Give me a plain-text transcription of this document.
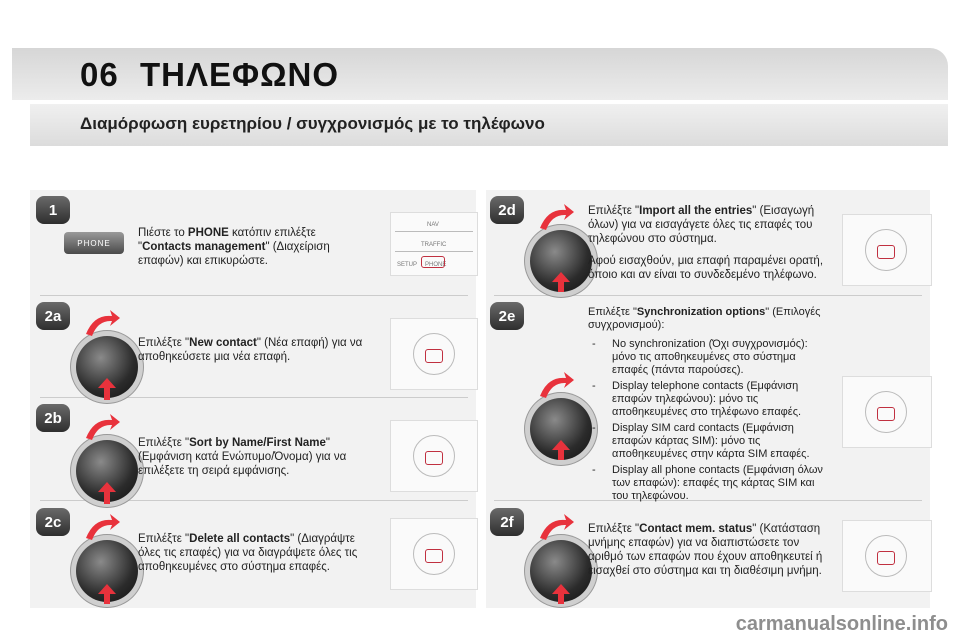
06 ΤΗΛΕΦΩΝΟ
Διαμόρφωση ευρετηρίου / συγχρονισμός με το τηλέφωνο
1
PHONE
Πιέστε το PHONE κατόπιν επιλέξτε "Contacts management" (Διαχείριση επαφών) και επικυρώστε.
NAV
TRAFFIC
SETUP PHONE
2a
Επιλέξτε "New contact" (Νέα επαφή) για να αποθηκεύσετε μια νέα επαφή.
2b
Επιλέξτε "Sort by Name/First Name" (Εμφάνιση κατά Ενώπυμο/Όνομα) για να επιλέξετε τη σειρά εμφάνισης.
2c
Επιλέξτε "Delete all contacts" (Διαγράψτε όλες τις επαφές) για να διαγράψετε όλες τις αποθηκευμένες στο σύστημα επαφές.
2d	Επιλέξτε "Import all the entries" (Εισαγωγή όλων) για να εισαγάγετε όλες τις επαφές του τηλεφώνου στο σύστημα.
Αφού εισαχθούν, μια επαφή παραμένει ορατή, όποιο και αν είναι το συνδεδεμένο τηλέφωνο.
2e	Επιλέξτε "Synchronization options" (Επιλογές συγχρονισμού):
- No synchronization (Όχι συγχρονισμός): μόνο τις αποθηκευμένες στο σύστημα επαφές (πάντα παρούσες).
- Display telephone contacts (Εμφάνιση επαφών τηλεφώνου): μόνο τις αποθηκευμένες στο τηλέφωνο επαφές.
- Display SIM card contacts (Εμφάνιση επαφών κάρτας SIM): μόνο τις αποθηκευμένες στην κάρτα SIM επαφές.
- Display all phone contacts (Εμφάνιση όλων των επαφών): επαφές της κάρτας SIM και του τηλεφώνου.
2f	Επιλέξτε "Contact mem. status" (Κατάσταση μνήμης επαφών) για να διαπιστώσετε τον αριθμό των επαφών που έχουν αποθηκευτεί ή εισαχθεί στο σύστημα και τη διαθέσιμη μνήμη.
carmanualsonline.info
